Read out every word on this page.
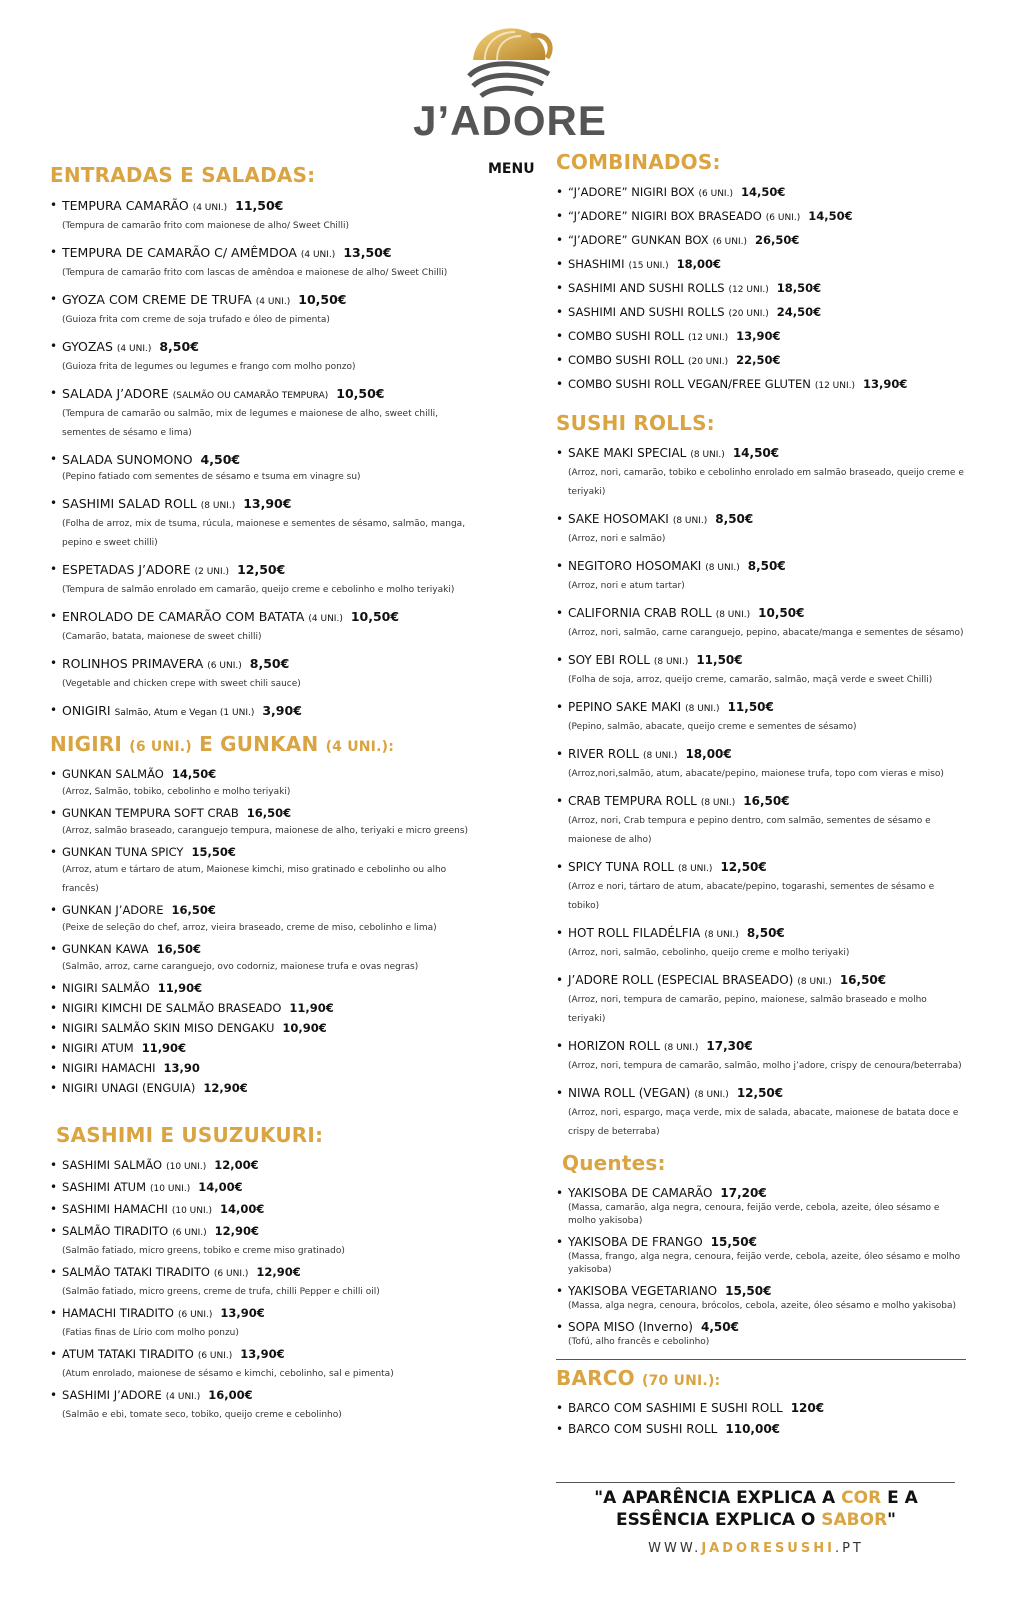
J’ADORE
MENU
ENTRADAS E SALADAS:
• TEMPURA CAMARÃO (4 UNI.) 11,50€
(Tempura de camarão frito com maionese de alho/ Sweet Chilli)
• TEMPURA DE CAMARÃO C/ AMÊMDOA (4 UNI.) 13,50€
(Tempura de camarão frito com lascas de amêndoa e maionese de alho/ Sweet Chilli)
• GYOZA COM CREME DE TRUFA (4 UNI.) 10,50€
(Guioza frita com creme de soja trufado e óleo de pimenta)
• GYOZAS (4 UNI.) 8,50€
(Guioza frita de legumes ou legumes e frango com molho ponzo)
• SALADA J’ADORE (SALMÃO OU CAMARÃO TEMPURA) 10,50€
(Tempura de camarão ou salmão, mix de legumes e maionese de alho, sweet chilli, sementes de sésamo e lima)
• SALADA SUNOMONO 4,50€
(Pepino fatiado com sementes de sésamo e tsuma em vinagre su)
• SASHIMI SALAD ROLL (8 UNI.) 13,90€
(Folha de arroz, mix de tsuma, rúcula, maionese e sementes de sésamo, salmão, manga, pepino e sweet chilli)
• ESPETADAS J’ADORE (2 UNI.) 12,50€
(Tempura de salmão enrolado em camarão, queijo creme e cebolinho e molho teriyaki)
• ENROLADO DE CAMARÃO COM BATATA (4 UNI.) 10,50€
(Camarão, batata, maionese de sweet chilli)
• ROLINHOS PRIMAVERA (6 UNI.) 8,50€
(Vegetable and chicken crepe with sweet chili sauce)
• ONIGIRI Salmão, Atum e Vegan (1 UNI.) 3,90€
NIGIRI (6 UNI.) E GUNKAN (4 UNI.):
• GUNKAN SALMÃO 14,50€
(Arroz, Salmão, tobiko, cebolinho e molho teriyaki)
• GUNKAN TEMPURA SOFT CRAB 16,50€
(Arroz, salmão braseado, caranguejo tempura, maionese de alho, teriyaki e micro greens)
• GUNKAN TUNA SPICY 15,50€
(Arroz, atum e tártaro de atum, Maionese kimchi, miso gratinado e cebolinho ou alho francês)
• GUNKAN J’ADORE 16,50€
(Peixe de seleção do chef, arroz, vieira braseado, creme de miso, cebolinho e lima)
• GUNKAN KAWA 16,50€
(Salmão, arroz, carne caranguejo, ovo codorniz, maionese trufa e ovas negras)
• NIGIRI SALMÃO 11,90€
• NIGIRI KIMCHI DE SALMÃO BRASEADO 11,90€
• NIGIRI SALMÃO SKIN MISO DENGAKU 10,90€
• NIGIRI ATUM 11,90€
• NIGIRI HAMACHI 13,90
• NIGIRI UNAGI (ENGUIA) 12,90€
SASHIMI E USUZUKURI:
• SASHIMI SALMÃO (10 UNI.) 12,00€
• SASHIMI ATUM (10 UNI.) 14,00€
• SASHIMI HAMACHI (10 UNI.) 14,00€
• SALMÃO TIRADITO (6 UNI.) 12,90€
(Salmão fatiado, micro greens, tobiko e creme miso gratinado)
• SALMÃO TATAKI TIRADITO (6 UNI.) 12,90€
(Salmão fatiado, micro greens, creme de trufa, chilli Pepper e chilli oil)
• HAMACHI TIRADITO (6 UNI.) 13,90€
(Fatias finas de Lírio com molho ponzu)
• ATUM TATAKI TIRADITO (6 UNI.) 13,90€
(Atum enrolado, maionese de sésamo e kimchi, cebolinho, sal e pimenta)
• SASHIMI J’ADORE (4 UNI.) 16,00€
(Salmão e ebi, tomate seco, tobiko, queijo creme e cebolinho)
COMBINADOS:
• “J’ADORE” NIGIRI BOX (6 UNI.) 14,50€
• “J’ADORE” NIGIRI BOX BRASEADO (6 UNI.) 14,50€
• “J’ADORE” GUNKAN BOX (6 UNI.) 26,50€
• SHASHIMI (15 UNI.) 18,00€
• SASHIMI AND SUSHI ROLLS (12 UNI.) 18,50€
• SASHIMI AND SUSHI ROLLS (20 UNI.) 24,50€
• COMBO SUSHI ROLL (12 UNI.) 13,90€
• COMBO SUSHI ROLL (20 UNI.) 22,50€
• COMBO SUSHI ROLL VEGAN/FREE GLUTEN (12 UNI.) 13,90€
SUSHI ROLLS:
• SAKE MAKI SPECIAL (8 UNI.) 14,50€
(Arroz, nori, camarão, tobiko e cebolinho enrolado em salmão braseado, queijo creme e teriyaki)
• SAKE HOSOMAKI (8 UNI.) 8,50€
(Arroz, nori e salmão)
• NEGITORO HOSOMAKI (8 UNI.) 8,50€
(Arroz, nori e atum tartar)
• CALIFORNIA CRAB ROLL (8 UNI.) 10,50€
(Arroz, nori, salmão, carne caranguejo, pepino, abacate/manga e sementes de sésamo)
• SOY EBI ROLL (8 UNI.) 11,50€
(Folha de soja, arroz, queijo creme, camarão, salmão, maçã verde e sweet Chilli)
• PEPINO SAKE MAKI (8 UNI.) 11,50€
(Pepino, salmão, abacate, queijo creme e sementes de sésamo)
• RIVER ROLL (8 UNI.) 18,00€
(Arroz,nori,salmão, atum, abacate/pepino, maionese trufa, topo com vieras e miso)
• CRAB TEMPURA ROLL (8 UNI.) 16,50€
(Arroz, nori, Crab tempura e pepino dentro, com salmão, sementes de sésamo e maionese de alho)
• SPICY TUNA ROLL (8 UNI.) 12,50€
(Arroz e nori, tártaro de atum, abacate/pepino, togarashi, sementes de sésamo e tobiko)
• HOT ROLL FILADÉLFIA (8 UNI.) 8,50€
(Arroz, nori, salmão, cebolinho, queijo creme e molho teriyaki)
• J’ADORE ROLL (ESPECIAL BRASEADO) (8 UNI.) 16,50€
(Arroz, nori, tempura de camarão, pepino, maionese, salmão braseado e molho teriyaki)
• HORIZON ROLL (8 UNI.) 17,30€
(Arroz, nori, tempura de camarão, salmão, molho j’adore, crispy de cenoura/beterraba)
• NIWA ROLL (VEGAN) (8 UNI.) 12,50€
(Arroz, nori, espargo, maça verde, mix de salada, abacate, maionese de batata doce e crispy de beterraba)
Quentes:
• YAKISOBA DE CAMARÃO 17,20€
(Massa, camarão, alga negra, cenoura, feijão verde, cebola, azeite, óleo sésamo e molho yakisoba)
• YAKISOBA DE FRANGO 15,50€
(Massa, frango, alga negra, cenoura, feijão verde, cebola, azeite, óleo sésamo e molho yakisoba)
• YAKISOBA VEGETARIANO 15,50€
(Massa, alga negra, cenoura, brócolos, cebola, azeite, óleo sésamo e molho yakisoba)
• SOPA MISO (Inverno) 4,50€
(Tofú, alho francês e cebolinho)
BARCO (70 UNI.):
• BARCO COM SASHIMI E SUSHI ROLL 120€
• BARCO COM SUSHI ROLL 110,00€
"A APARÊNCIA EXPLICA A COR E A
ESSÊNCIA EXPLICA O SABOR"
WWW.JADORESUSHI.PT
